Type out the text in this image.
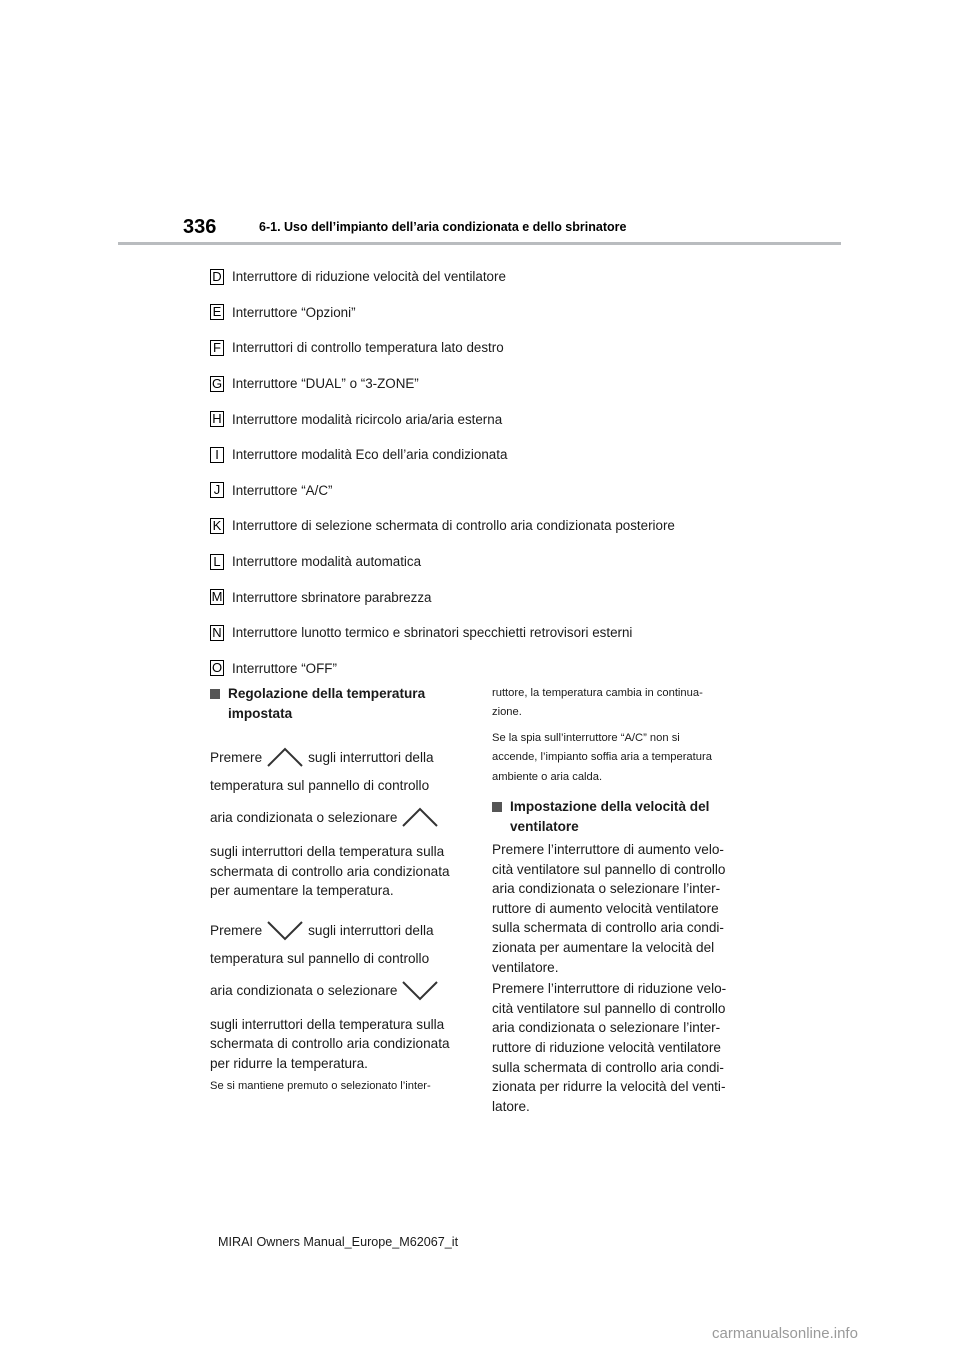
336	6-1. Uso dell’impianto dell’aria condizionata e dello sbrinatore
D Interruttore di riduzione velocità del ventilatore
E Interruttore “Opzioni”
F Interruttori di controllo temperatura lato destro
G Interruttore “DUAL” o “3-ZONE”
H Interruttore modalità ricircolo aria/aria esterna
I Interruttore modalità Eco dell’aria condizionata
J Interruttore “A/C”
K Interruttore di selezione schermata di controllo aria condizionata posteriore
L Interruttore modalità automatica
M Interruttore sbrinatore parabrezza
N Interruttore lunotto termico e sbrinatori specchietti retrovisori esterni
O Interruttore “OFF”
Regolazione della temperatura
impostata
Premere	sugli interruttori della
temperatura sul pannello di controllo
aria condizionata o selezionare
sugli interruttori della temperatura sulla
schermata di controllo aria condizionata
per aumentare la temperatura.
Premere	sugli interruttori della
temperatura sul pannello di controllo
aria condizionata o selezionare
sugli interruttori della temperatura sulla
schermata di controllo aria condizionata
per ridurre la temperatura.
Se si mantiene premuto o selezionato l’inter-
ruttore, la temperatura cambia in continua-
zione.
Se la spia sull’interruttore “A/C” non si
accende, l’impianto soffia aria a temperatura
ambiente o aria calda.
Impostazione della velocità del
ventilatore
Premere l’interruttore di aumento velo-
cità ventilatore sul pannello di controllo
aria condizionata o selezionare l’inter-
ruttore di aumento velocità ventilatore
sulla schermata di controllo aria condi-
zionata per aumentare la velocità del
ventilatore.
Premere l’interruttore di riduzione velo-
cità ventilatore sul pannello di controllo
aria condizionata o selezionare l’inter-
ruttore di riduzione velocità ventilatore
sulla schermata di controllo aria condi-
zionata per ridurre la velocità del venti-
latore.
MIRAI Owners Manual_Europe_M62067_it
carmanualsonline.info
